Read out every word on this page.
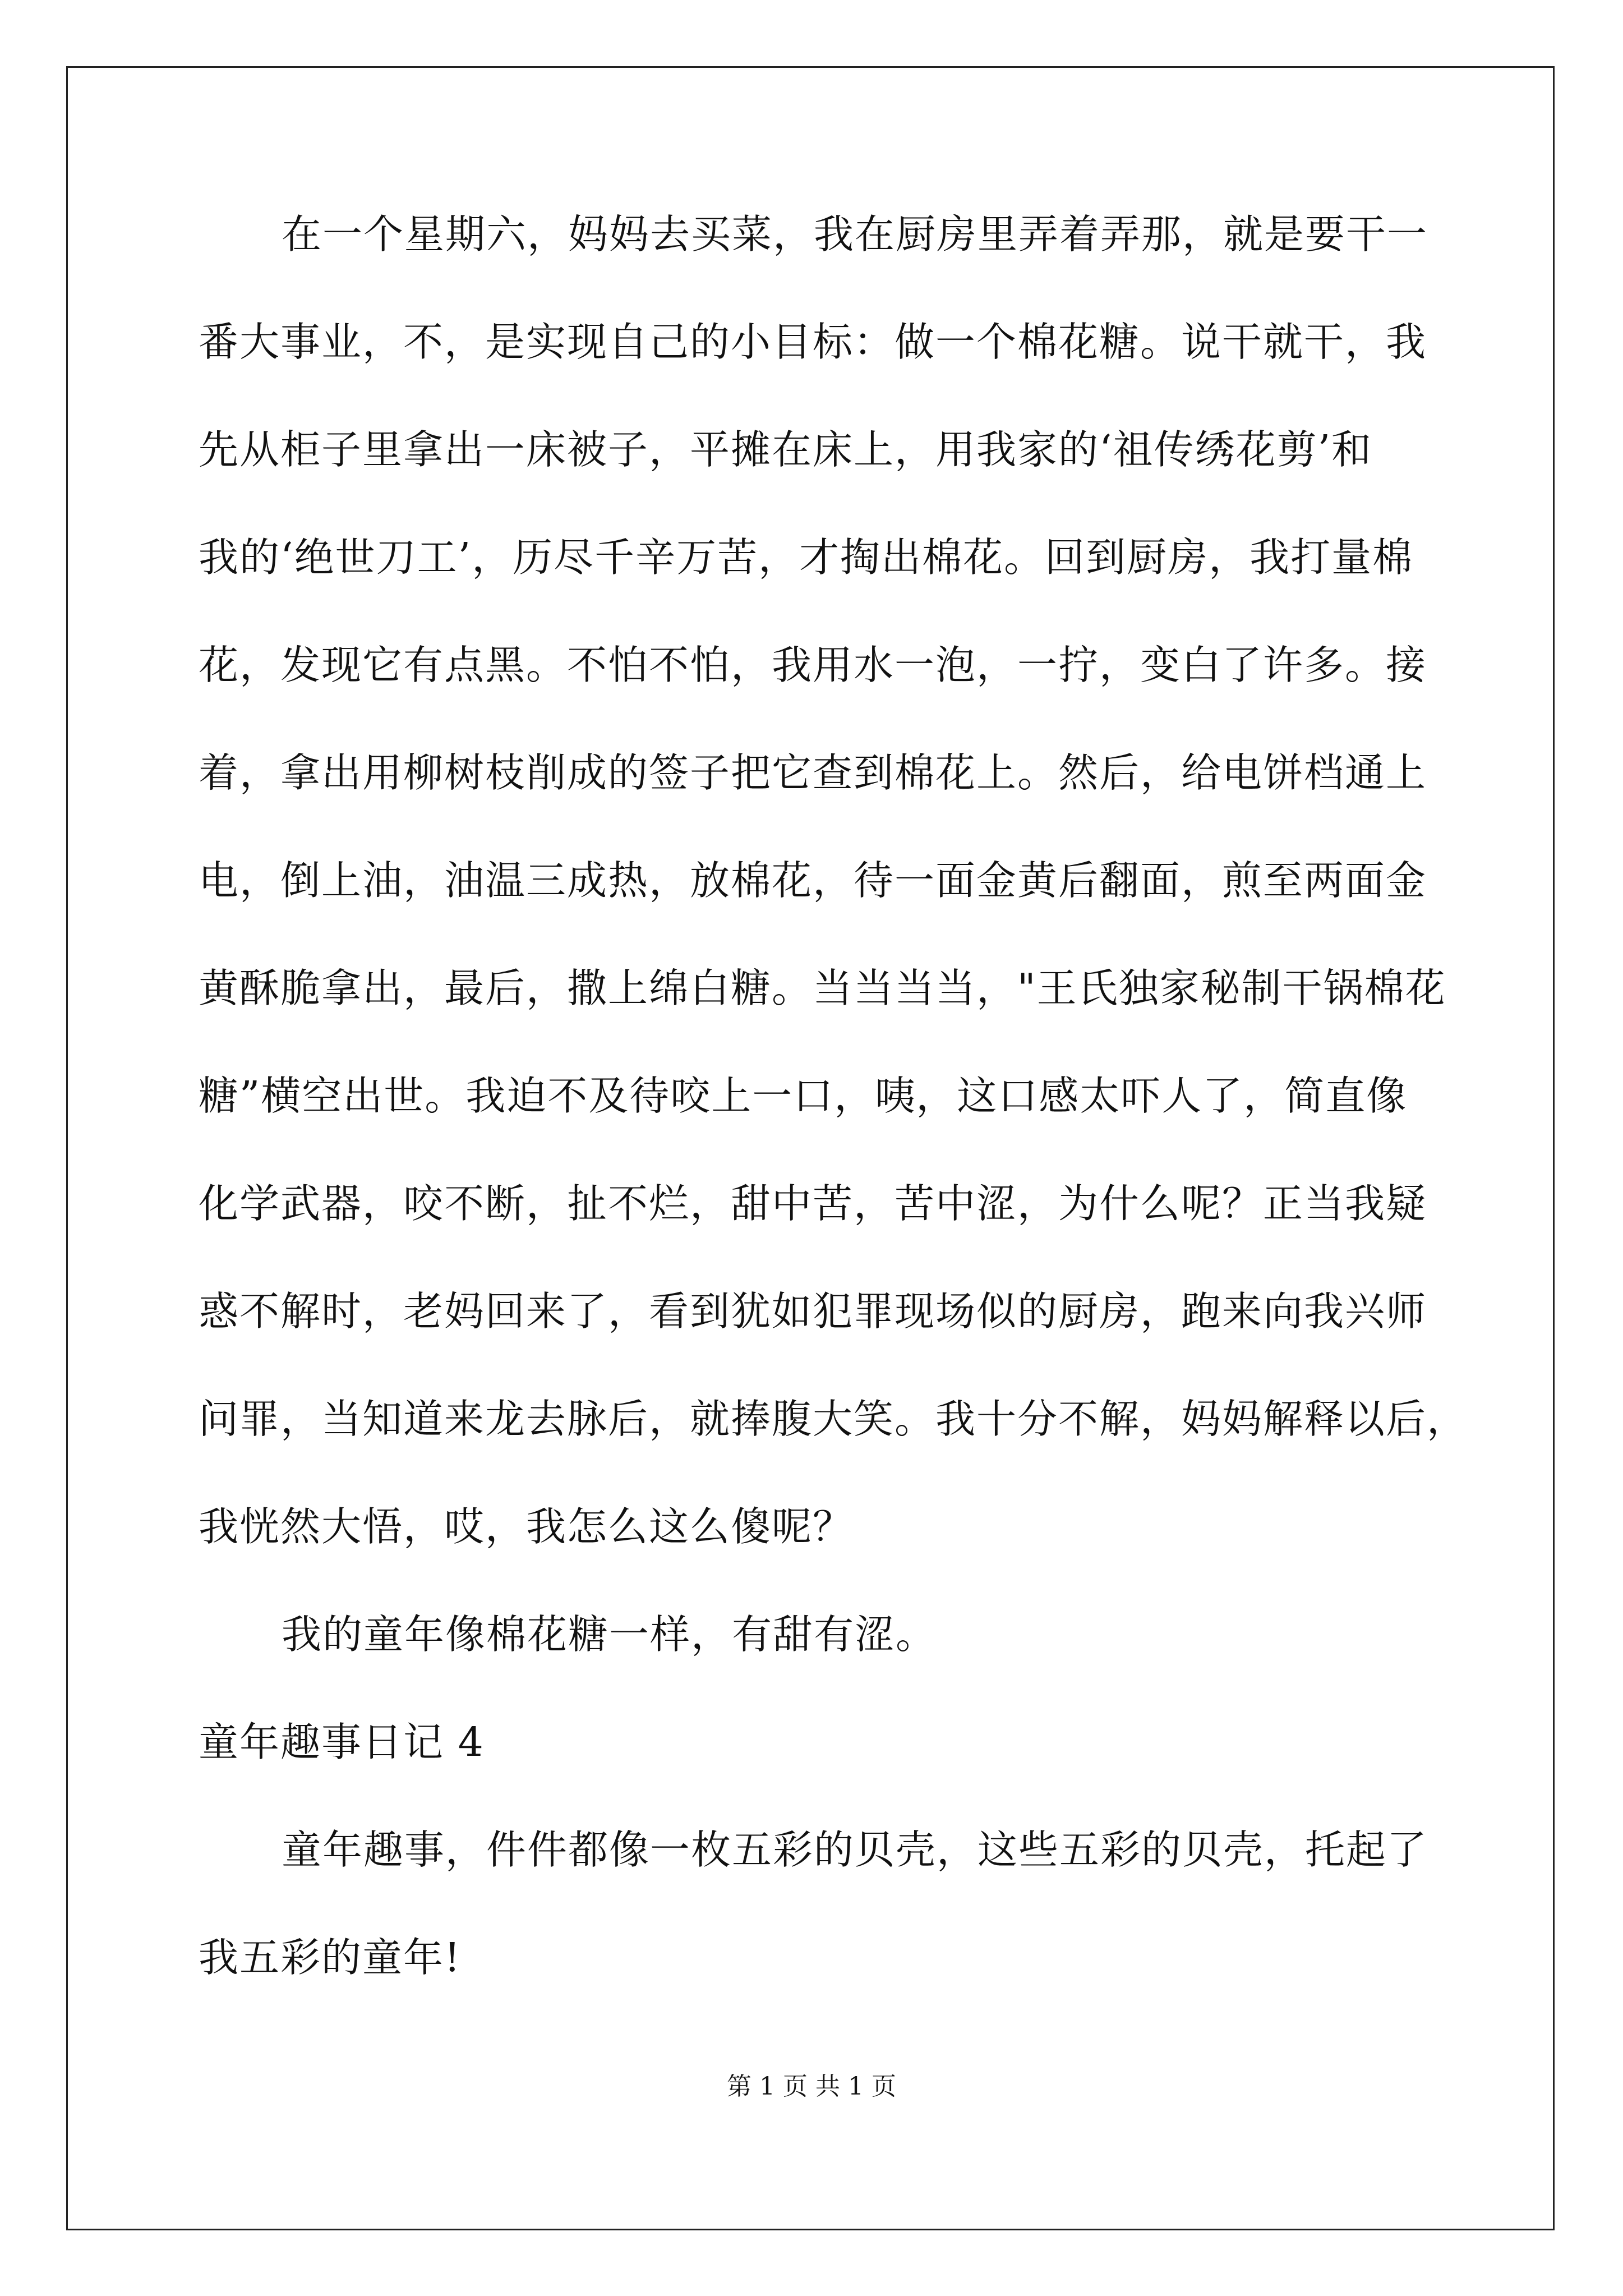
在一个星期六，妈妈去买菜，我在厨房里弄着弄那，就是要干一
番大事业，不，是实现自己的小目标：做一个棉花糖。说干就干，我
先从柜子里拿出一床被子，平摊在床上，用我家的‘祖传绣花剪’和
我的‘绝世刀工’，历尽千辛万苦，才掏出棉花。回到厨房，我打量棉
花，发现它有点黑。不怕不怕，我用水一泡，一拧，变白了许多。接
着，拿出用柳树枝削成的签子把它查到棉花上。然后，给电饼档通上
电，倒上油，油温三成热，放棉花，待一面金黄后翻面，煎至两面金
黄酥脆拿出，最后，撒上绵白糖。当当当当，"王氏独家秘制干锅棉花
糖”横空出世。我迫不及待咬上一口，咦，这口感太吓人了，简直像
化学武器，咬不断，扯不烂，甜中苦，苦中涩，为什么呢？正当我疑
惑不解时，老妈回来了，看到犹如犯罪现场似的厨房，跑来向我兴师
问罪，当知道来龙去脉后，就捧腹大笑。我十分不解，妈妈解释以后，
我恍然大悟，哎，我怎么这么傻呢？
我的童年像棉花糖一样，有甜有涩。
童年趣事日记 4
童年趣事，件件都像一枚五彩的贝壳，这些五彩的贝壳，托起了
我五彩的童年!
第 1 页 共 1 页
